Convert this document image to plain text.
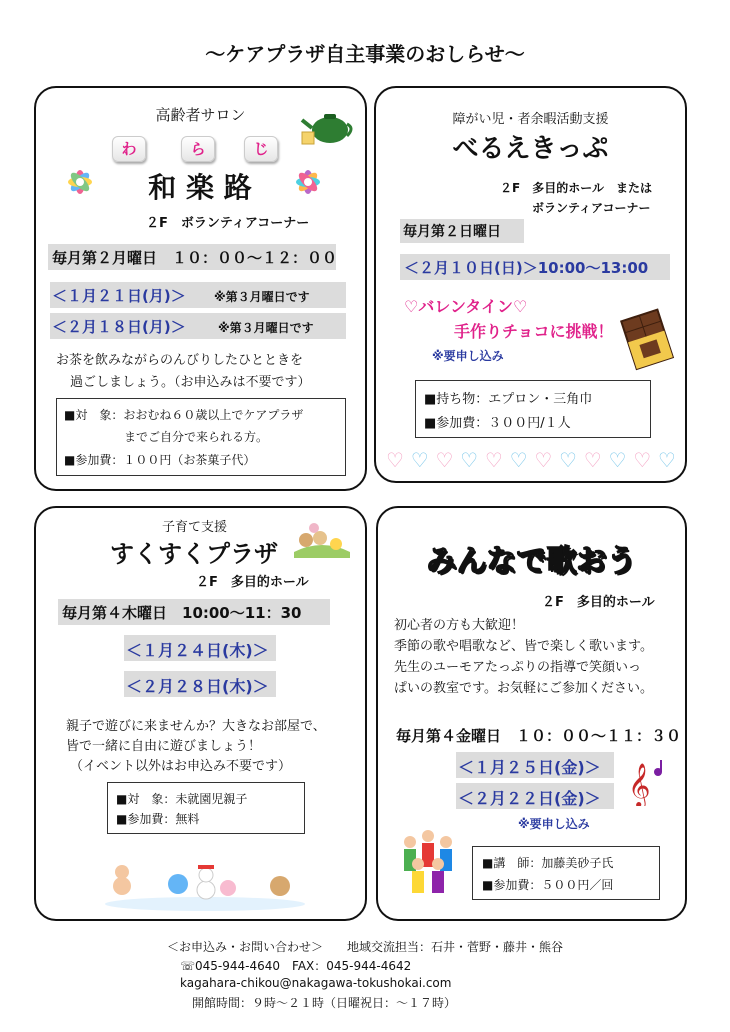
～ケアプラザ自主事業のおしらせ～
高齢者サロン
わ	ら	じ
和 楽 路
２F　ボランティアコーナー
毎月第２月曜日　１０：００～１２：００
＜１月２１日(月)＞ ※第３月曜日です
＜２月１８日(月)＞	※第３月曜日です
お茶を飲みながらのんびりしたひとときを
過ごしましょう。（お申込みは不要です）
■対　象：おおむね６０歳以上でケアプラザ
　　　　　までご自分で来られる方。
■参加費：１００円（お茶菓子代）
障がい児・者余暇活動支援
べるえきっぷ
２F　多目的ホール　または
ボランティアコーナー
毎月第２日曜日
＜２月１０日(日)＞10:00～13:00
♡バレンタイン♡
手作りチョコに挑戦！
※要申し込み
■持ち物：エプロン・三角巾
■参加費：３００円/１人
♡ ♡ ♡ ♡ ♡ ♡ ♡ ♡ ♡ ♡ ♡ ♡
子育て支援
すくすくプラザ
２F　多目的ホール
毎月第４木曜日　10:00～11：30
＜１月２４日(木)＞
＜２月２８日(木)＞
親子で遊びに来ませんか？大きなお部屋で、
皆で一緒に自由に遊びましょう！
（イベント以外はお申込み不要です）
■対　象：未就園児親子
■参加費：無料
みんなで歌おう
２F　多目的ホール
初心者の方も大歓迎！
季節の歌や唱歌など、皆で楽しく歌います。
先生のユーモアたっぷりの指導で笑顔いっ
ぱいの教室です。お気軽にご参加ください。
毎月第４金曜日　１０：００～１１：３０
＜１月２５日(金)＞
＜２月２２日(金)＞ 𝄞
※要申し込み
■講　師：加藤美砂子氏
■参加費：５００円／回
＜お申込み・お問い合わせ＞　　地域交流担当：石井・菅野・藤井・熊谷
☏045-944-4640　FAX：045-944-4642
kagahara-chikou@nakagawa-tokushokai.com
開館時間：９時～２１時（日曜祝日：～１７時）
